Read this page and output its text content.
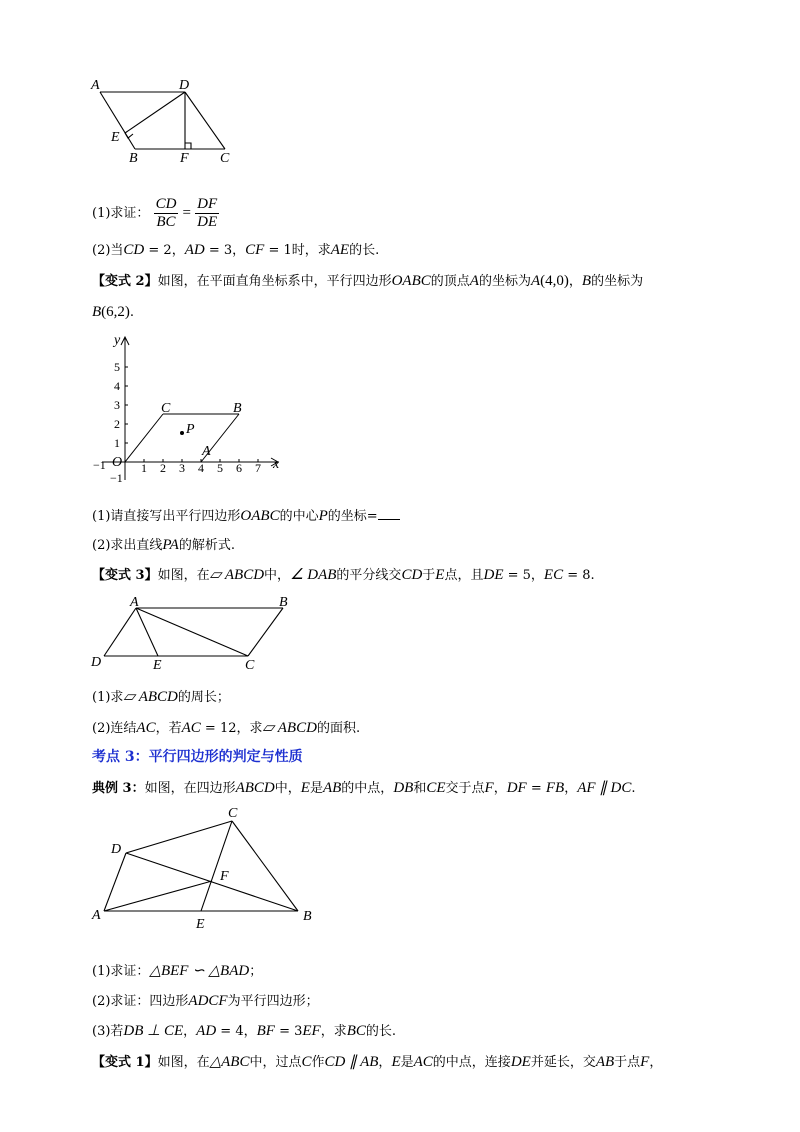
A	D
E
B	F C
(1)求证： $\frac{CD}{BC} = \frac{DF}{DE}$
(2)当CD = 2，AD = 3，CF = 1时，求AE的长.
【变式 2】如图，在平面直角坐标系中，平行四边形OABC的顶点A的坐标为A(4,0)，B的坐标为
B(6,2).
y
x
O
C	B
P
A
−1	1 2 3 4 5 6 7
1
2
3
4
5
−1
(1)请直接写出平行四边形OABC的中心P的坐标=
(2)求出直线PA的解析式.
【变式 3】如图，在▱ ABCD中，∠ DAB的平分线交CD于E点，且DE = 5，EC = 8.
A	B
D	E	C
(1)求▱ ABCD的周长；
(2)连结AC，若AC = 12，求▱ ABCD的面积.
考点 3：平行四边形的判定与性质
典例 3：如图，在四边形ABCD中，E是AB的中点，DB和CE交于点F，DF = FB，AF ∥ DC.
C
D
F
A
E
B
(1)求证：△BEF ∽ △BAD；
(2)求证：四边形ADCF为平行四边形；
(3)若DB ⊥ CE，AD = 4，BF = 3EF，求BC的长.
【变式 1】如图，在△ABC中，过点C作CD ∥ AB，E是AC的中点，连接DE并延长，交AB于点F，
